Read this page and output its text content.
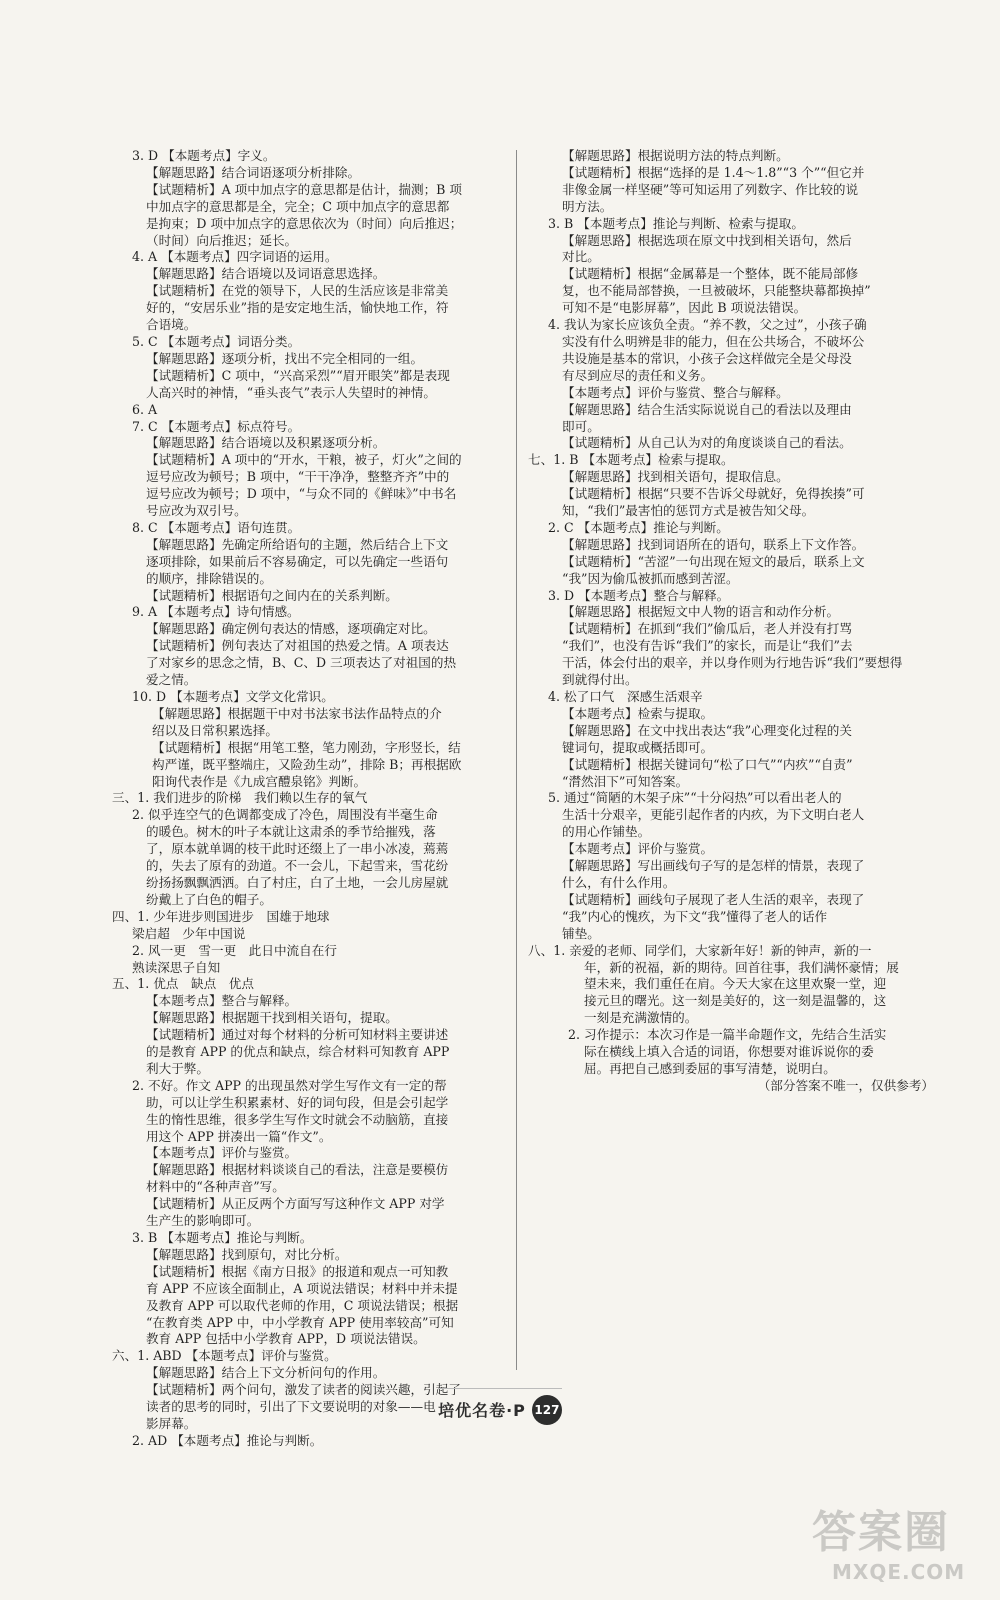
3. D 【本题考点】字义。
【解题思路】结合词语逐项分析排除。
【试题精析】A 项中加点字的意思都是估计，揣测；B 项
中加点字的意思都是全，完全；C 项中加点字的意思都
是拘束；D 项中加点字的意思依次为（时间）向后推迟；
（时间）向后推迟；延长。
4. A 【本题考点】四字词语的运用。
【解题思路】结合语境以及词语意思选择。
【试题精析】在党的领导下，人民的生活应该是非常美
好的，“安居乐业”指的是安定地生活，愉快地工作，符
合语境。
5. C 【本题考点】词语分类。
【解题思路】逐项分析，找出不完全相同的一组。
【试题精析】C 项中，“兴高采烈”“眉开眼笑”都是表现
人高兴时的神情，“垂头丧气”表示人失望时的神情。
6. A
7. C 【本题考点】标点符号。
【解题思路】结合语境以及积累逐项分析。
【试题精析】A 项中的“开水，干粮，被子，灯火”之间的
逗号应改为顿号；B 项中，“干干净净，整整齐齐”中的
逗号应改为顿号；D 项中，“与众不同的《鲜味》”中书名
号应改为双引号。
8. C 【本题考点】语句连贯。
【解题思路】先确定所给语句的主题，然后结合上下文
逐项排除，如果前后不容易确定，可以先确定一些语句
的顺序，排除错误的。
【试题精析】根据语句之间内在的关系判断。
9. A 【本题考点】诗句情感。
【解题思路】确定例句表达的情感，逐项确定对比。
【试题精析】例句表达了对祖国的热爱之情。A 项表达
了对家乡的思念之情，B、C、D 三项表达了对祖国的热
爱之情。
10. D 【本题考点】文学文化常识。
【解题思路】根据题干中对书法家书法作品特点的介
绍以及日常积累选择。
【试题精析】根据“用笔工整，笔力刚劲，字形竖长，结
构严谨，既平整端庄，又险劲生动”，排除 B；再根据欧
阳询代表作是《九成宫醴泉铭》判断。
三、1. 我们进步的阶梯　我们赖以生存的氧气
2. 似乎连空气的色调都变成了冷色，周围没有半毫生命
的暖色。树木的叶子本就让这肃杀的季节给摧残，落
了，原本就单调的枝干此时还缀上了一串小冰凌，蔫蔫
的，失去了原有的劲道。不一会儿，下起雪来，雪花纷
纷扬扬飘飘洒洒。白了村庄，白了土地，一会儿房屋就
纷戴上了白色的帽子。
四、1. 少年进步则国进步　国雄于地球
梁启超　少年中国说
2. 风一更　雪一更　此日中流自在行
熟读深思子自知
五、1. 优点　缺点　优点
【本题考点】整合与解释。
【解题思路】根据题干找到相关语句，提取。
【试题精析】通过对每个材料的分析可知材料主要讲述
的是教育 APP 的优点和缺点，综合材料可知教育 APP
利大于弊。
2. 不好。作文 APP 的出现虽然对学生写作文有一定的帮
助，可以让学生积累素材、好的词句段，但是会引起学
生的惰性思维，很多学生写作文时就会不动脑筋，直接
用这个 APP 拼凑出一篇“作文”。
【本题考点】评价与鉴赏。
【解题思路】根据材料谈谈自己的看法，注意是要模仿
材料中的“各种声音”写。
【试题精析】从正反两个方面写写这种作文 APP 对学
生产生的影响即可。
3. B 【本题考点】推论与判断。
【解题思路】找到原句，对比分析。
【试题精析】根据《南方日报》的报道和观点一可知教
育 APP 不应该全面制止，A 项说法错误；材料中并未提
及教育 APP 可以取代老师的作用，C 项说法错误；根据
“在教育类 APP 中，中小学教育 APP 使用率较高”可知
教育 APP 包括中小学教育 APP，D 项说法错误。
六、1. ABD 【本题考点】评价与鉴赏。
【解题思路】结合上下文分析问句的作用。
【试题精析】两个问句，激发了读者的阅读兴趣，引起了
读者的思考的同时，引出了下文要说明的对象——电
影屏幕。
2. AD 【本题考点】推论与判断。
【解题思路】根据说明方法的特点判断。
【试题精析】根据“选择的是 1.4～1.8”“3 个”“但它并
非像金属一样坚硬”等可知运用了列数字、作比较的说
明方法。
3. B 【本题考点】推论与判断、检索与提取。
【解题思路】根据选项在原文中找到相关语句，然后
对比。
【试题精析】根据“金属幕是一个整体，既不能局部修
复，也不能局部替换，一旦被破坏，只能整块幕都换掉”
可知不是“电影屏幕”，因此 B 项说法错误。
4. 我认为家长应该负全责。“养不教，父之过”，小孩子确
实没有什么明辨是非的能力，但在公共场合，不破坏公
共设施是基本的常识，小孩子会这样做完全是父母没
有尽到应尽的责任和义务。
【本题考点】评价与鉴赏、整合与解释。
【解题思路】结合生活实际说说自己的看法以及理由
即可。
【试题精析】从自己认为对的角度谈谈自己的看法。
七、1. B 【本题考点】检索与提取。
【解题思路】找到相关语句，提取信息。
【试题精析】根据“只要不告诉父母就好，免得挨揍”可
知，“我们”最害怕的惩罚方式是被告知父母。
2. C 【本题考点】推论与判断。
【解题思路】找到词语所在的语句，联系上下文作答。
【试题精析】“苦涩”一句出现在短文的最后，联系上文
“我”因为偷瓜被抓而感到苦涩。
3. D 【本题考点】整合与解释。
【解题思路】根据短文中人物的语言和动作分析。
【试题精析】在抓到“我们”偷瓜后，老人并没有打骂
“我们”，也没有告诉“我们”的家长，而是让“我们”去
干活，体会付出的艰辛，并以身作则为行地告诉“我们”要想得
到就得付出。
4. 松了口气　深感生活艰辛
【本题考点】检索与提取。
【解题思路】在文中找出表达“我”心理变化过程的关
键词句，提取或概括即可。
【试题精析】根据关键词句“松了口气”“内疚”“自责”
“潸然泪下”可知答案。
5. 通过“简陋的木架子床”“十分闷热”可以看出老人的
生活十分艰辛，更能引起作者的内疚，为下文明白老人
的用心作铺垫。
【本题考点】评价与鉴赏。
【解题思路】写出画线句子写的是怎样的情景，表现了
什么，有什么作用。
【试题精析】画线句子展现了老人生活的艰辛，表现了
“我”内心的愧疚，为下文“我”懂得了老人的话作
铺垫。
八、1. 亲爱的老师、同学们，大家新年好！新的钟声，新的一
年，新的祝福，新的期待。回首往事，我们满怀豪情；展
望未来，我们重任在肩。今天大家在这里欢聚一堂，迎
接元旦的曙光。这一刻是美好的，这一刻是温馨的，这
一刻是充满激情的。
2. 习作提示：本次习作是一篇半命题作文，先结合生活实
际在横线上填入合适的词语，你想要对谁诉说你的委
屈。再把自己感到委屈的事写清楚，说明白。
（部分答案不唯一，仅供参考）
培优名卷·P 127
答案圈
MXQE.COM
